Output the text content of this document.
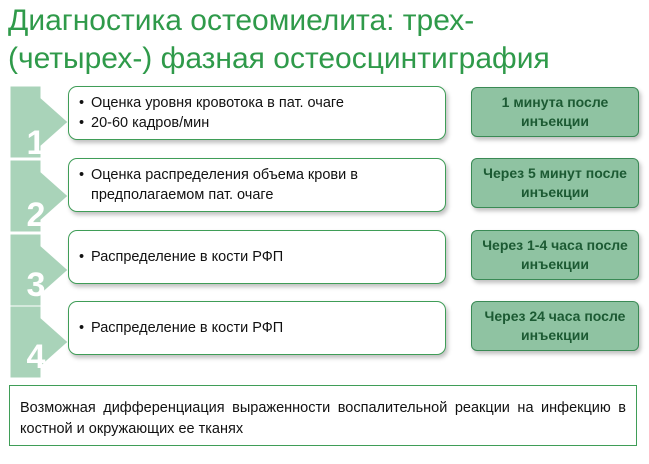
Диагностика остеомиелита: трех-
(четырех-) фазная остеосцинтиграфия
1
2
3
4
• Оценка уровня кровотока в пат. очаге
• 20-60 кадров/мин
• Оценка распределения объема крови в предполагаемом пат. очаге
• Распределение в кости РФП
• Распределение в кости РФП
1 минута после инъекции
Через 5 минут после инъекции
Через 1-4 часа после инъекции
Через 24 часа после инъекции
Возможная дифференциация выраженности воспалительной реакции на инфекцию в костной и окружающих ее тканях
